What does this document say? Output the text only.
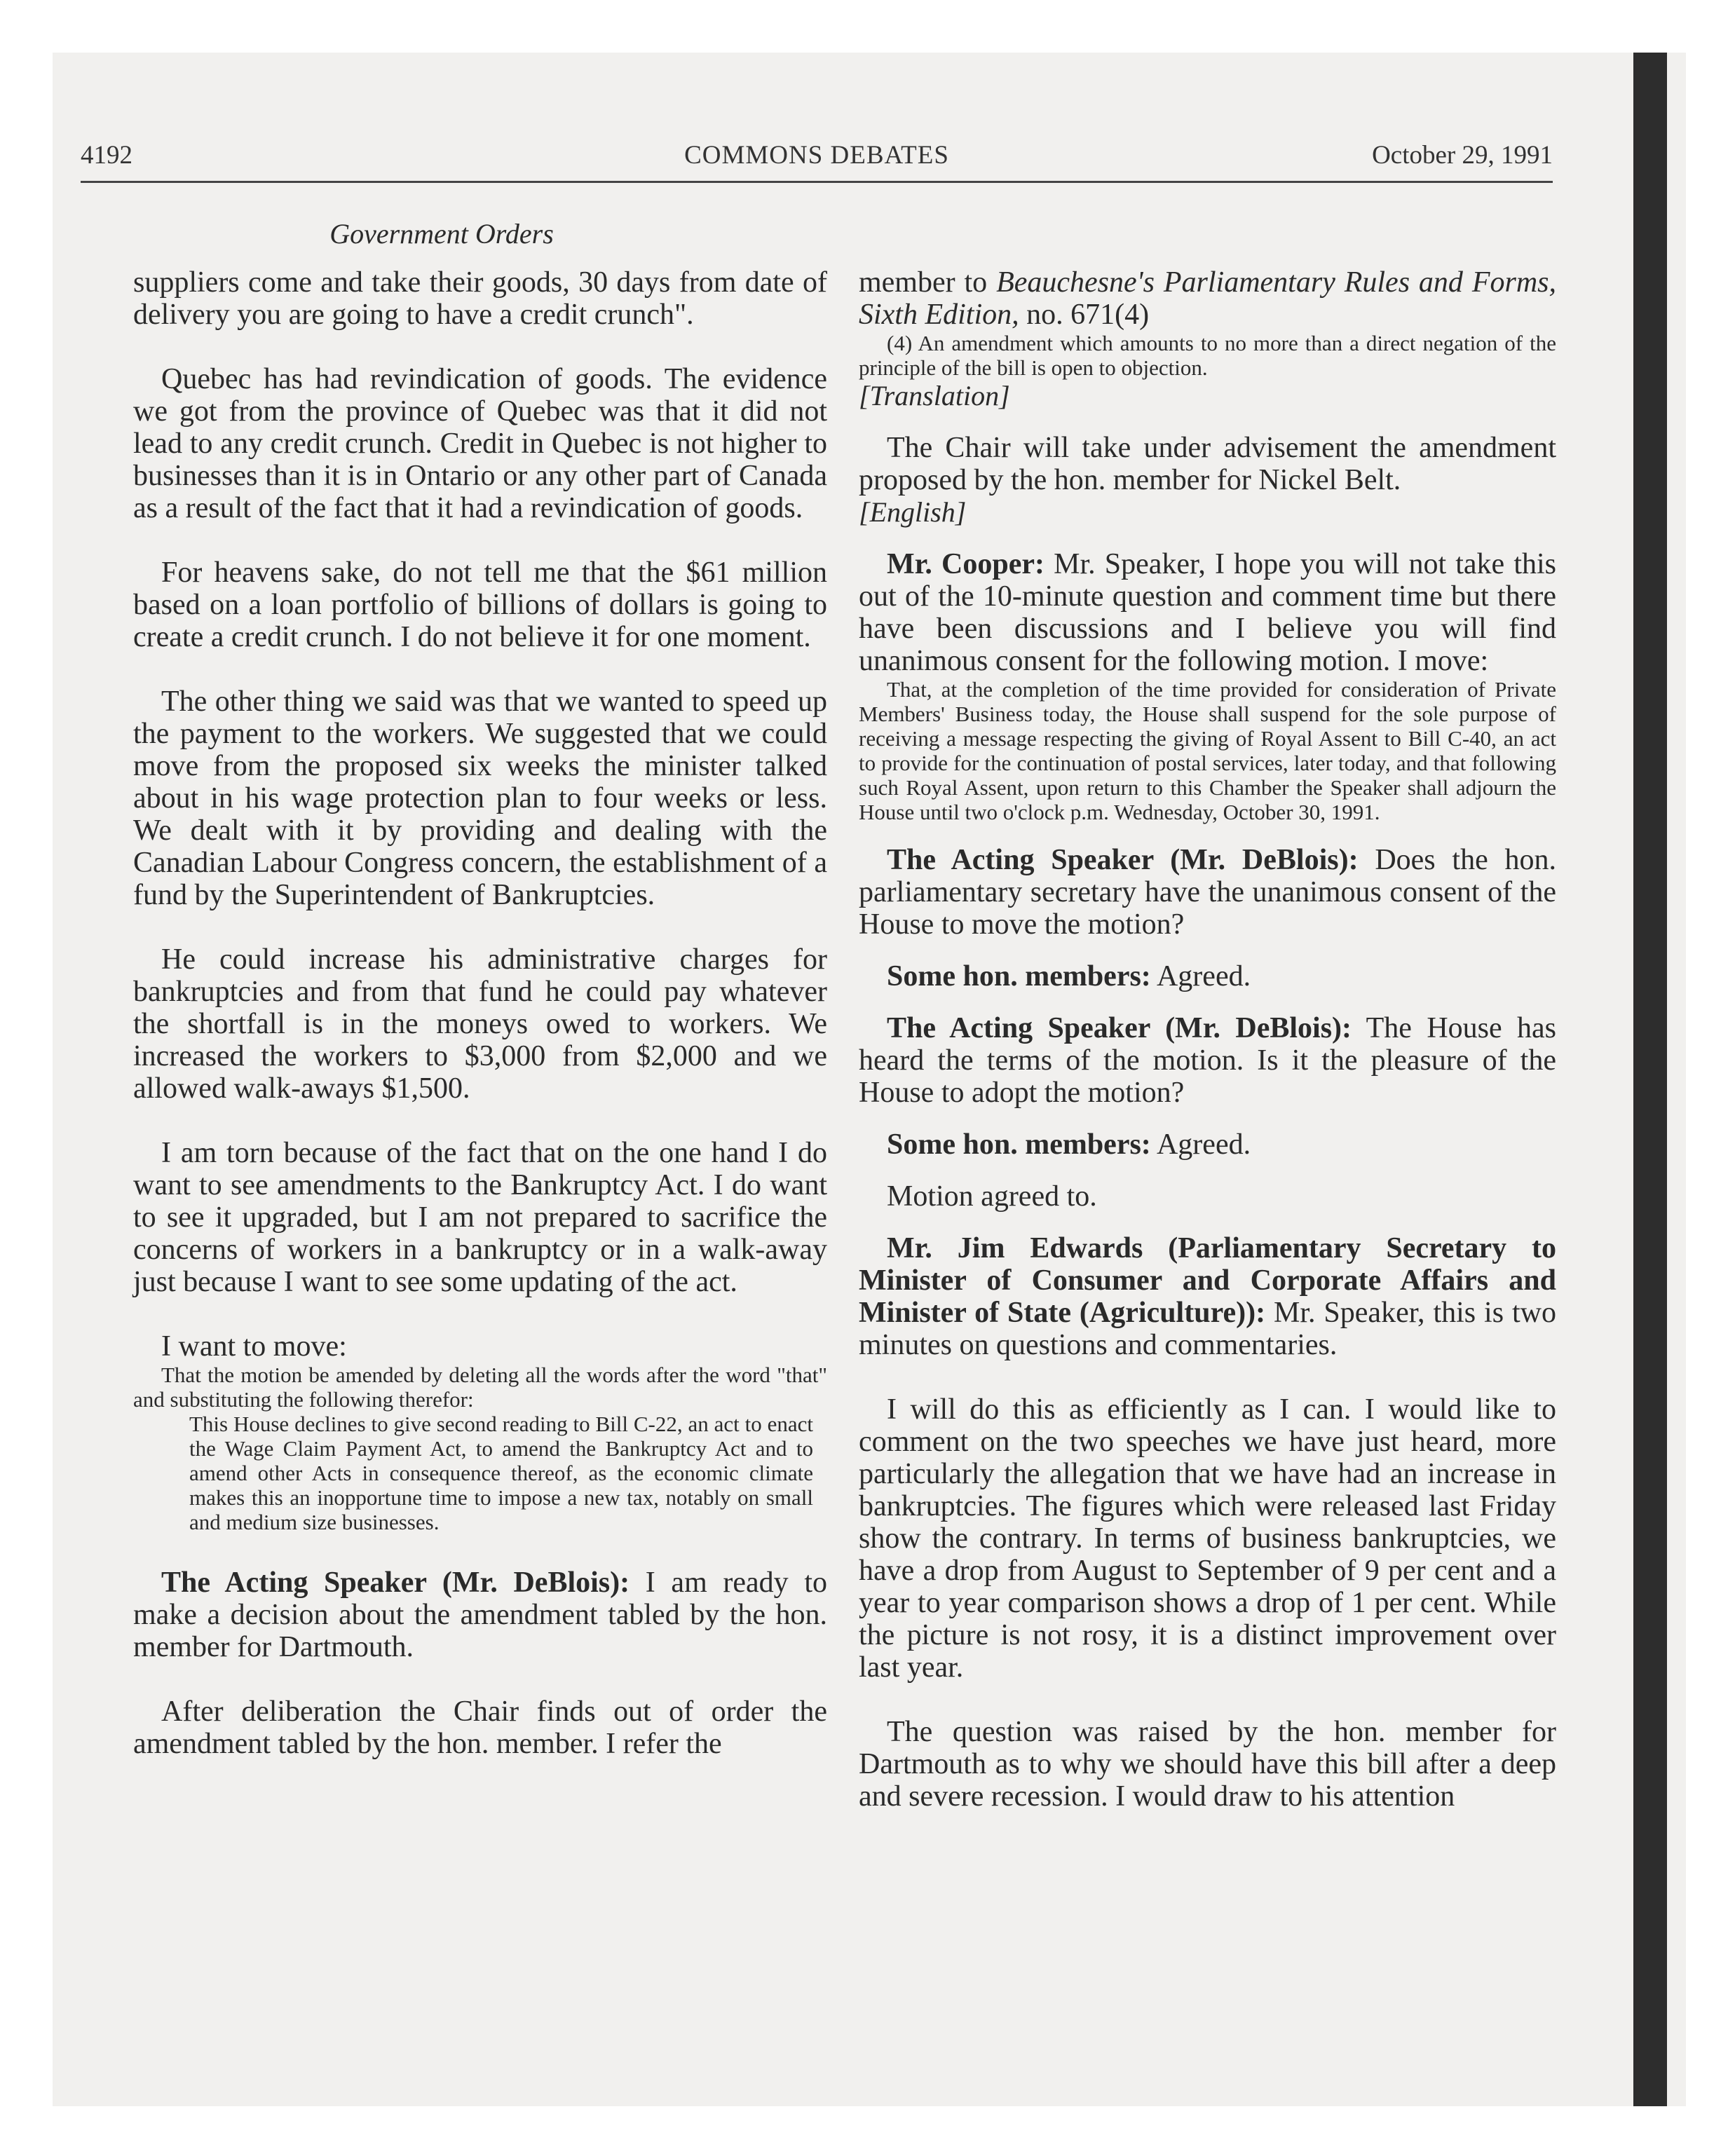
4192	COMMONS DEBATES	October 29, 1991
Government Orders

suppliers come and take their goods, 30 days from date of delivery you are going to have a credit crunch".

Quebec has had revindication of goods. The evidence we got from the province of Quebec was that it did not lead to any credit crunch. Credit in Quebec is not higher to businesses than it is in Ontario or any other part of Canada as a result of the fact that it had a revindication of goods.

For heavens sake, do not tell me that the $61 million based on a loan portfolio of billions of dollars is going to create a credit crunch. I do not believe it for one moment.

The other thing we said was that we wanted to speed up the payment to the workers. We suggested that we could move from the proposed six weeks the minister talked about in his wage protection plan to four weeks or less. We dealt with it by providing and dealing with the Canadian Labour Congress concern, the establishment of a fund by the Superintendent of Bankruptcies.

He could increase his administrative charges for bankruptcies and from that fund he could pay whatever the shortfall is in the moneys owed to workers. We increased the workers to $3,000 from $2,000 and we allowed walk-aways $1,500.

I am torn because of the fact that on the one hand I do want to see amendments to the Bankruptcy Act. I do want to see it upgraded, but I am not prepared to sacrifice the concerns of workers in a bankruptcy or in a walk-away just because I want to see some updating of the act.

I want to move:

That the motion be amended by deleting all the words after the word "that" and substituting the following therefor:

This House declines to give second reading to Bill C-22, an act to enact the Wage Claim Payment Act, to amend the Bankruptcy Act and to amend other Acts in consequence thereof, as the economic climate makes this an inopportune time to impose a new tax, notably on small and medium size businesses.

The Acting Speaker (Mr. DeBlois): I am ready to make a decision about the amendment tabled by the hon. member for Dartmouth.

After deliberation the Chair finds out of order the amendment tabled by the hon. member. I refer the

member to Beauchesne's Parliamentary Rules and Forms, Sixth Edition, no. 671(4)

(4) An amendment which amounts to no more than a direct negation of the principle of the bill is open to objection.

[Translation]

The Chair will take under advisement the amendment proposed by the hon. member for Nickel Belt.

[English]

Mr. Cooper: Mr. Speaker, I hope you will not take this out of the 10-minute question and comment time but there have been discussions and I believe you will find unanimous consent for the following motion. I move:

That, at the completion of the time provided for consideration of Private Members' Business today, the House shall suspend for the sole purpose of receiving a message respecting the giving of Royal Assent to Bill C-40, an act to provide for the continuation of postal services, later today, and that following such Royal Assent, upon return to this Chamber the Speaker shall adjourn the House until two o'clock p.m. Wednesday, October 30, 1991.

The Acting Speaker (Mr. DeBlois): Does the hon. parliamentary secretary have the unanimous consent of the House to move the motion?

Some hon. members: Agreed.

The Acting Speaker (Mr. DeBlois): The House has heard the terms of the motion. Is it the pleasure of the House to adopt the motion?

Some hon. members: Agreed.

Motion agreed to.

Mr. Jim Edwards (Parliamentary Secretary to Minister of Consumer and Corporate Affairs and Minister of State (Agriculture)): Mr. Speaker, this is two minutes on questions and commentaries.

I will do this as efficiently as I can. I would like to comment on the two speeches we have just heard, more particularly the allegation that we have had an increase in bankruptcies. The figures which were released last Friday show the contrary. In terms of business bankruptcies, we have a drop from August to September of 9 per cent and a year to year comparison shows a drop of 1 per cent. While the picture is not rosy, it is a distinct improvement over last year.

The question was raised by the hon. member for Dartmouth as to why we should have this bill after a deep and severe recession. I would draw to his attention
